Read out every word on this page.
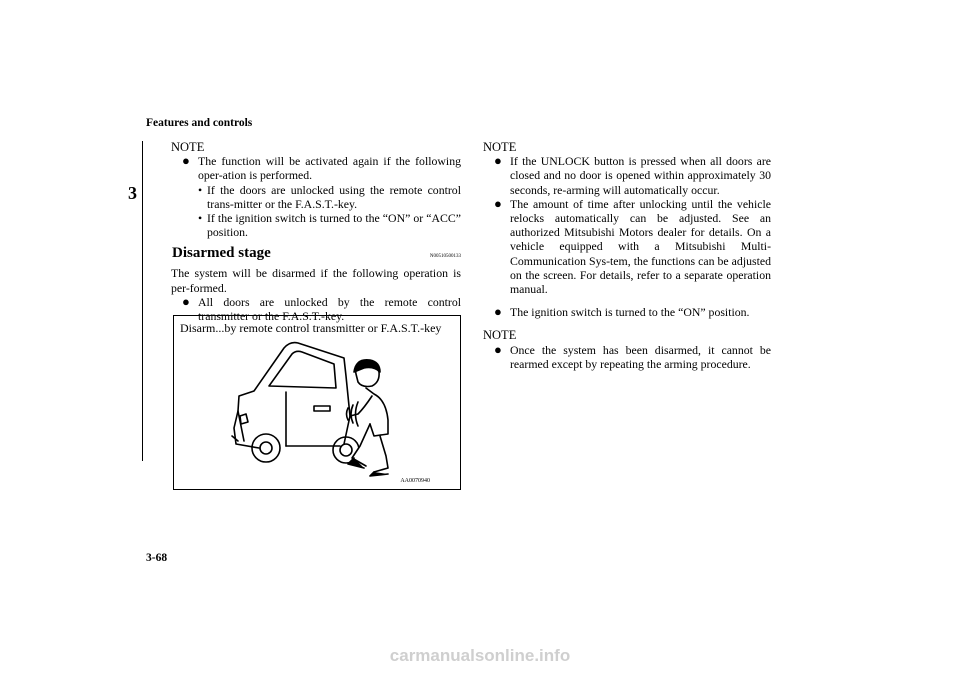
Features and controls
3
NOTE
● The function will be activated again if the following oper-ation is performed.
• If the doors are unlocked using the remote control trans-mitter or the F.A.S.T.-key.
• If the ignition switch is turned to the “ON” or “ACC” position.
Disarmed stage	N00510500133
The system will be disarmed if the following operation is per-formed.
● All doors are unlocked by the remote control transmitter or the F.A.S.T.-key.
Disarm...by remote control transmitter or F.A.S.T.-key
AA0070940
NOTE
● If the UNLOCK button is pressed when all doors are closed and no door is opened within approximately 30 seconds, re-arming will automatically occur.
● The amount of time after unlocking until the vehicle relocks automatically can be adjusted. See an authorized Mitsubishi Motors dealer for details. On a vehicle equipped with a Mitsubishi Multi-Communication Sys-tem, the functions can be adjusted on the screen. For details, refer to a separate operation manual.
● The ignition switch is turned to the “ON” position.
NOTE
● Once the system has been disarmed, it cannot be rearmed except by repeating the arming procedure.
3-68
carmanualsonline.info
